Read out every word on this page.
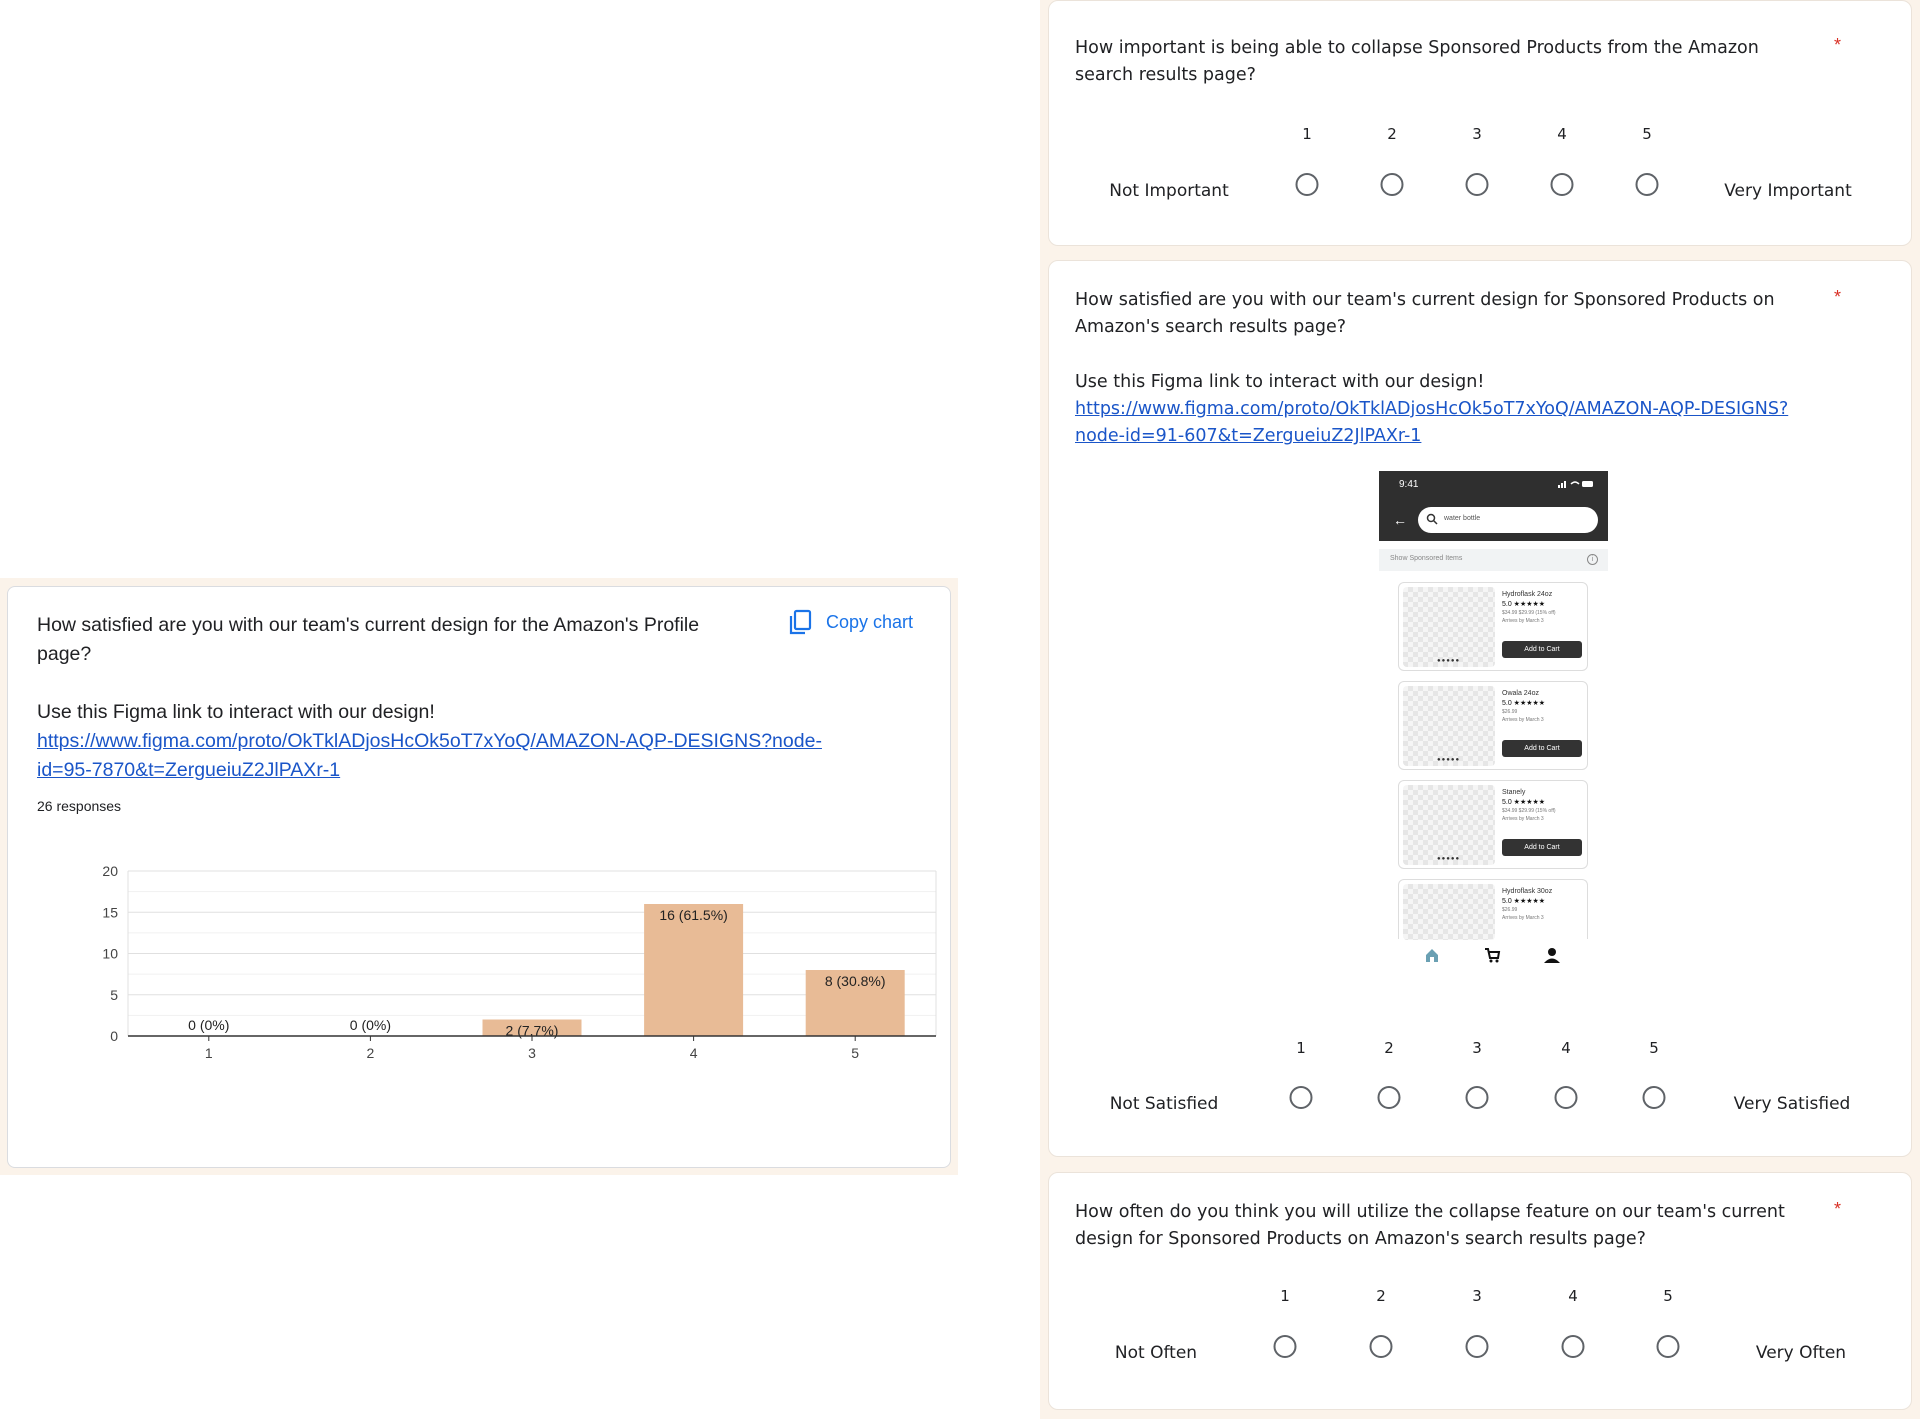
How satisfied are you with our team's current design for the Amazon's Profile page?
Copy chart
Use this Figma link to interact with our design!
https://www.figma.com/proto/OkTklADjosHcOk5oT7xYoQ/AMAZON-AQP-DESIGNS?node-id=95-7870&t=ZergueiuZ2JlPAXr-1
26 responses
0
5
10
15
20
0 (0%)
1
0 (0%)
2
2 (7.7%)
3
16 (61.5%)
4
8 (30.8%)
5
How important is being able to collapse Sponsored Products from the Amazon search results page?
*
1	2	3	4	5
Not Important	Very Important
How satisfied are you with our team's current design for Sponsored Products on Amazon's search results page?
*
Use this Figma link to interact with our design! https://www.figma.com/proto/OkTklADjosHcOk5oT7xYoQ/AMAZON-AQP-DESIGNS?node-id=91-607&t=ZergueiuZ2JlPAXr-1
9:41
←	water bottle
Show Sponsored Items	i
●●●●●
Hydroflask 24oz
5.0 ★★★★★
$34.99 $29.99 (15% off)
Arrives by March 3
Add to Cart
●●●●●
Owala 24oz
5.0 ★★★★★
$26.99
Arrives by March 3
Add to Cart
●●●●●
Stanely
5.0 ★★★★★
$34.99 $29.99 (15% off)
Arrives by March 3
Add to Cart
Hydroflask 30oz
5.0 ★★★★★
$26.99
Arrives by March 3
1	2	3	4	5
Not Satisfied	Very Satisfied
How often do you think you will utilize the collapse feature on our team's current design for Sponsored Products on Amazon's search results page?
*
1	2	3	4	5
Not Often	Very Often
